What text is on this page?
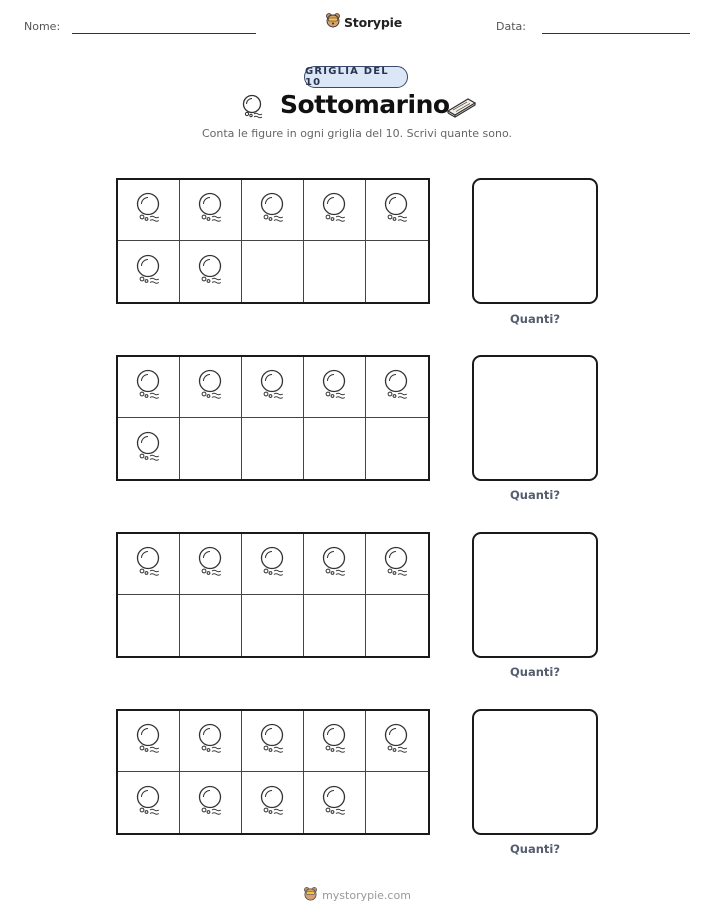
Nome:	Storypie	Data:
GRIGLIA DEL 10
Sottomarino
Conta le figure in ogni griglia del 10. Scrivi quante sono.
Quanti?
Quanti?
Quanti?
Quanti?
mystorypie.com
